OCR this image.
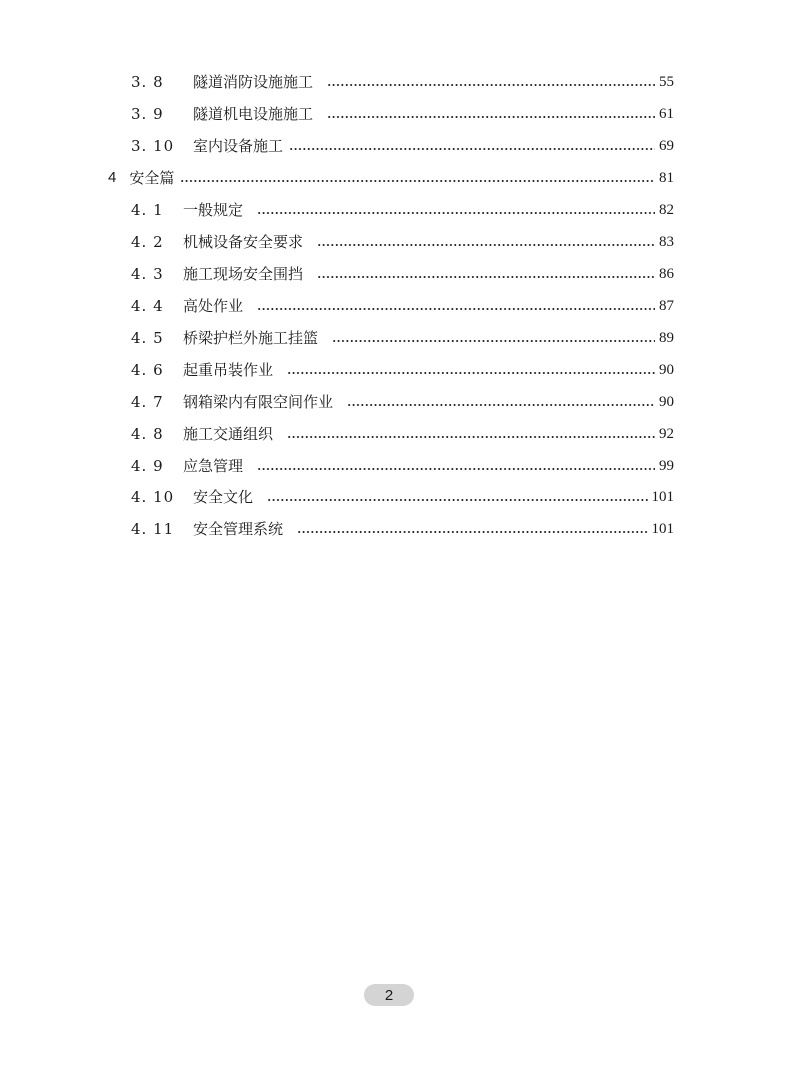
3. 8	隧道消防设施施工	55
3. 9	隧道机电设施施工	61
3. 10	室内设备施工	69
4 安全篇	81
4. 1	一般规定	82
4. 2	机械设备安全要求	83
4. 3	施工现场安全围挡	86
4. 4	高处作业	87
4. 5	桥梁护栏外施工挂篮	89
4. 6	起重吊装作业	90
4. 7	钢箱梁内有限空间作业	90
4. 8	施工交通组织	92
4. 9	应急管理	99
4. 10	安全文化	101
4. 11	安全管理系统	101
2
